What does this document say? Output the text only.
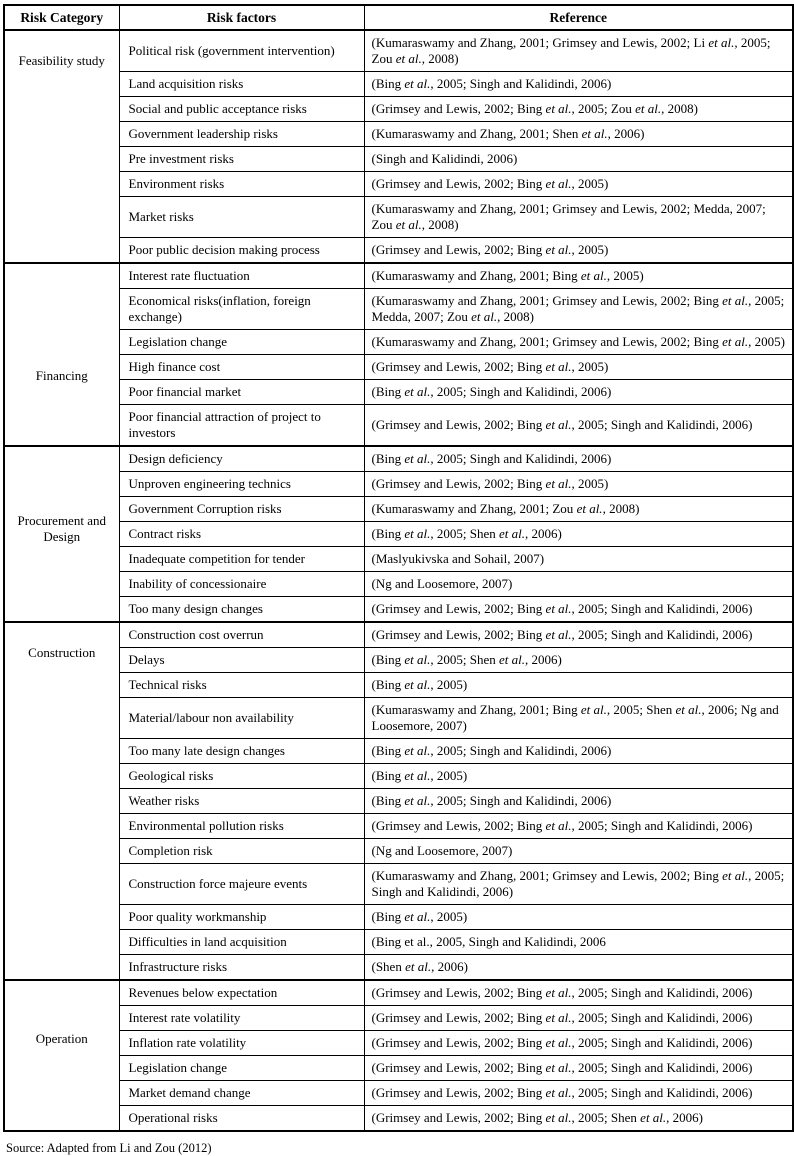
Risk Category	Risk factors	Reference
Feasibility study	Political risk (government intervention)	(Kumaraswamy and Zhang, 2001; Grimsey and Lewis, 2002; Li et al., 2005; Zou et al., 2008)
	Land acquisition risks	(Bing et al., 2005; Singh and Kalidindi, 2006)
	Social and public acceptance risks	(Grimsey and Lewis, 2002; Bing et al., 2005; Zou et al., 2008)
	Government leadership risks	(Kumaraswamy and Zhang, 2001; Shen et al., 2006)
	Pre investment risks	(Singh and Kalidindi, 2006)
	Environment risks	(Grimsey and Lewis, 2002; Bing et al., 2005)
	Market risks	(Kumaraswamy and Zhang, 2001; Grimsey and Lewis, 2002; Medda, 2007; Zou et al., 2008)
	Poor public decision making process	(Grimsey and Lewis, 2002; Bing et al., 2005)
Financing	Interest rate fluctuation	(Kumaraswamy and Zhang, 2001; Bing et al., 2005)
	Economical risks(inflation, foreign exchange)	(Kumaraswamy and Zhang, 2001; Grimsey and Lewis, 2002; Bing et al., 2005; Medda, 2007; Zou et al., 2008)
	Legislation change	(Kumaraswamy and Zhang, 2001; Grimsey and Lewis, 2002; Bing et al., 2005)
	High finance cost	(Grimsey and Lewis, 2002; Bing et al., 2005)
	Poor financial market	(Bing et al., 2005; Singh and Kalidindi, 2006)
	Poor financial attraction of project to investors	(Grimsey and Lewis, 2002; Bing et al., 2005; Singh and Kalidindi, 2006)
Procurement and Design	Design deficiency	(Bing et al., 2005; Singh and Kalidindi, 2006)
	Unproven engineering technics	(Grimsey and Lewis, 2002; Bing et al., 2005)
	Government Corruption risks	(Kumaraswamy and Zhang, 2001; Zou et al., 2008)
	Contract risks	(Bing et al., 2005; Shen et al., 2006)
	Inadequate competition for tender	(Maslyukivska and Sohail, 2007)
	Inability of concessionaire	(Ng and Loosemore, 2007)
	Too many design changes	(Grimsey and Lewis, 2002; Bing et al., 2005; Singh and Kalidindi, 2006)
Construction	Construction cost overrun	(Grimsey and Lewis, 2002; Bing et al., 2005; Singh and Kalidindi, 2006)
	Delays	(Bing et al., 2005; Shen et al., 2006)
	Technical risks	(Bing et al., 2005)
	Material/labour non availability	(Kumaraswamy and Zhang, 2001; Bing et al., 2005; Shen et al., 2006; Ng and Loosemore, 2007)
	Too many late design changes	(Bing et al., 2005; Singh and Kalidindi, 2006)
	Geological risks	(Bing et al., 2005)
	Weather risks	(Bing et al., 2005; Singh and Kalidindi, 2006)
	Environmental pollution risks	(Grimsey and Lewis, 2002; Bing et al., 2005; Singh and Kalidindi, 2006)
	Completion risk	(Ng and Loosemore, 2007)
	Construction force majeure events	(Kumaraswamy and Zhang, 2001; Grimsey and Lewis, 2002; Bing et al., 2005; Singh and Kalidindi, 2006)
	Poor quality workmanship	(Bing et al., 2005)
	Difficulties in land acquisition	(Bing et al., 2005, Singh and Kalidindi, 2006
	Infrastructure risks	(Shen et al., 2006)
Operation	Revenues below expectation	(Grimsey and Lewis, 2002; Bing et al., 2005; Singh and Kalidindi, 2006)
	Interest rate volatility	(Grimsey and Lewis, 2002; Bing et al., 2005; Singh and Kalidindi, 2006)
	Inflation rate volatility	(Grimsey and Lewis, 2002; Bing et al., 2005; Singh and Kalidindi, 2006)
	Legislation change	(Grimsey and Lewis, 2002; Bing et al., 2005; Singh and Kalidindi, 2006)
	Market demand change	(Grimsey and Lewis, 2002; Bing et al., 2005; Singh and Kalidindi, 2006)
	Operational risks	(Grimsey and Lewis, 2002; Bing et al., 2005; Shen et al., 2006)
Source: Adapted from Li and Zou (2012)
